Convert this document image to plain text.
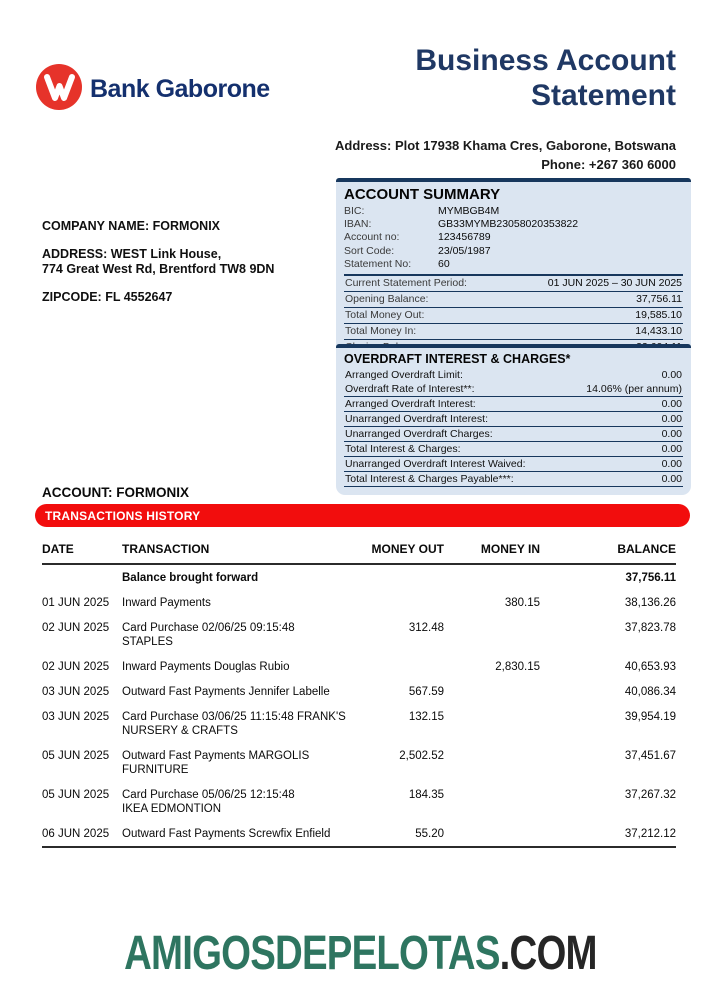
Bank Gaborone
Business Account
Statement
Address: Plot 17938 Khama Cres, Gaborone, Botswana
Phone: +267 360 6000
COMPANY NAME: FORMONIX
ADDRESS: WEST Link House,
774 Great West Rd, Brentford TW8 9DN
ZIPCODE: FL 4552647
ACCOUNT SUMMARY
BIC:	MYMBGB4M
IBAN:	GB33MYMB23058020353822
Account no:	123456789
Sort Code:	23/05/1987
Statement No:	60
Current Statement Period:	01 JUN 2025 – 30 JUN 2025
Opening Balance:	37,756.11
Total Money Out:	19,585.10
Total Money In:	14,433.10
OVERDRAFT INTEREST & CHARGES*
Arranged Overdraft Limit:	0.00
Overdraft Rate of Interest**:	14.06% (per annum)
Arranged Overdraft Interest:	0.00
Unarranged Overdraft Interest:	0.00
Unarranged Overdraft Charges:	0.00
Total Interest & Charges:	0.00
Unarranged Overdraft Interest Waived:	0.00
Total Interest & Charges Payable***:	0.00
ACCOUNT: FORMONIX
TRANSACTIONS HISTORY
DATE	TRANSACTION	MONEY OUT	MONEY IN	BALANCE

	Balance brought forward			37,756.11

01 JUN 2025	Inward Payments		380.15	38,136.26

02 JUN 2025	Card Purchase 02/06/25 09:15:48
STAPLES	312.48		37,823.78

02 JUN 2025	Inward Payments Douglas Rubio		2,830.15	40,653.93

03 JUN 2025	Outward Fast Payments Jennifer Labelle	567.59		40,086.34

03 JUN 2025	Card Purchase 03/06/25 11:15:48 FRANK'S
NURSERY & CRAFTS	132.15		39,954.19

05 JUN 2025	Outward Fast Payments MARGOLIS
FURNITURE	2,502.52		37,451.67

05 JUN 2025	Card Purchase 05/06/25 12:15:48
IKEA EDMONTION	184.35		37,267.32

06 JUN 2025	Outward Fast Payments Screwfix Enfield	55.20		37,212.12
AMIGOSDEPELOTAS.COM
